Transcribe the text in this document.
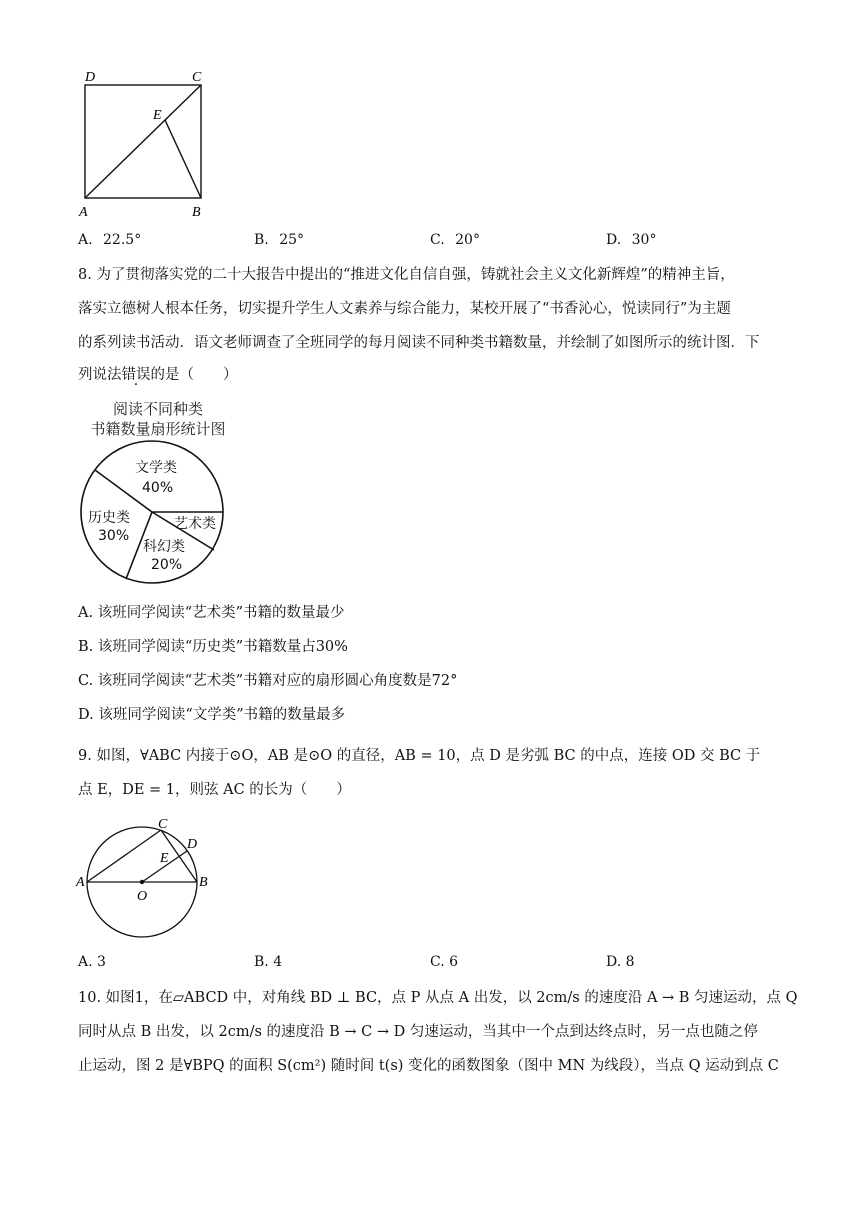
D	C
E
A	B
A. 22.5°	B. 25°	C. 20°	D. 30°
8. 为了贯彻落实党的二十大报告中提出的“推进文化自信自强，铸就社会主义文化新辉煌”的精神主旨，
落实立德树人根本任务，切实提升学生人文素养与综合能力，某校开展了“书香沁心，悦读同行”为主题
的系列读书活动．语文老师调查了全班同学的每月阅读不同种类书籍数量，并绘制了如图所示的统计图．下
列说法错误的是（　　）
阅读不同种类
书籍数量扇形统计图
文学类
40%
历史类
30%
科幻类
20%
艺术类
A. 该班同学阅读“艺术类”书籍的数量最少
B. 该班同学阅读“历史类”书籍数量占30%
C. 该班同学阅读“艺术类”书籍对应的扇形圆心角度数是72°
D. 该班同学阅读“文学类”书籍的数量最多
9. 如图，∀ABC 内接于⊙O，AB 是⊙O 的直径，AB = 10，点 D 是劣弧 BC 的中点，连接 OD 交 BC 于
点 E，DE = 1，则弦 AC 的长为（　　）
C
D
E
A	B
O
A. 3	B. 4	C. 6	D. 8
10. 如图1，在▱ABCD 中，对角线 BD ⊥ BC，点 P 从点 A 出发，以 2cm/s 的速度沿 A → B 匀速运动，点 Q
同时从点 B 出发，以 2cm/s 的速度沿 B → C → D 匀速运动，当其中一个点到达终点时，另一点也随之停
止运动，图 2 是∀BPQ 的面积 S(cm²) 随时间 t(s) 变化的函数图象（图中 MN 为线段），当点 Q 运动到点 C
